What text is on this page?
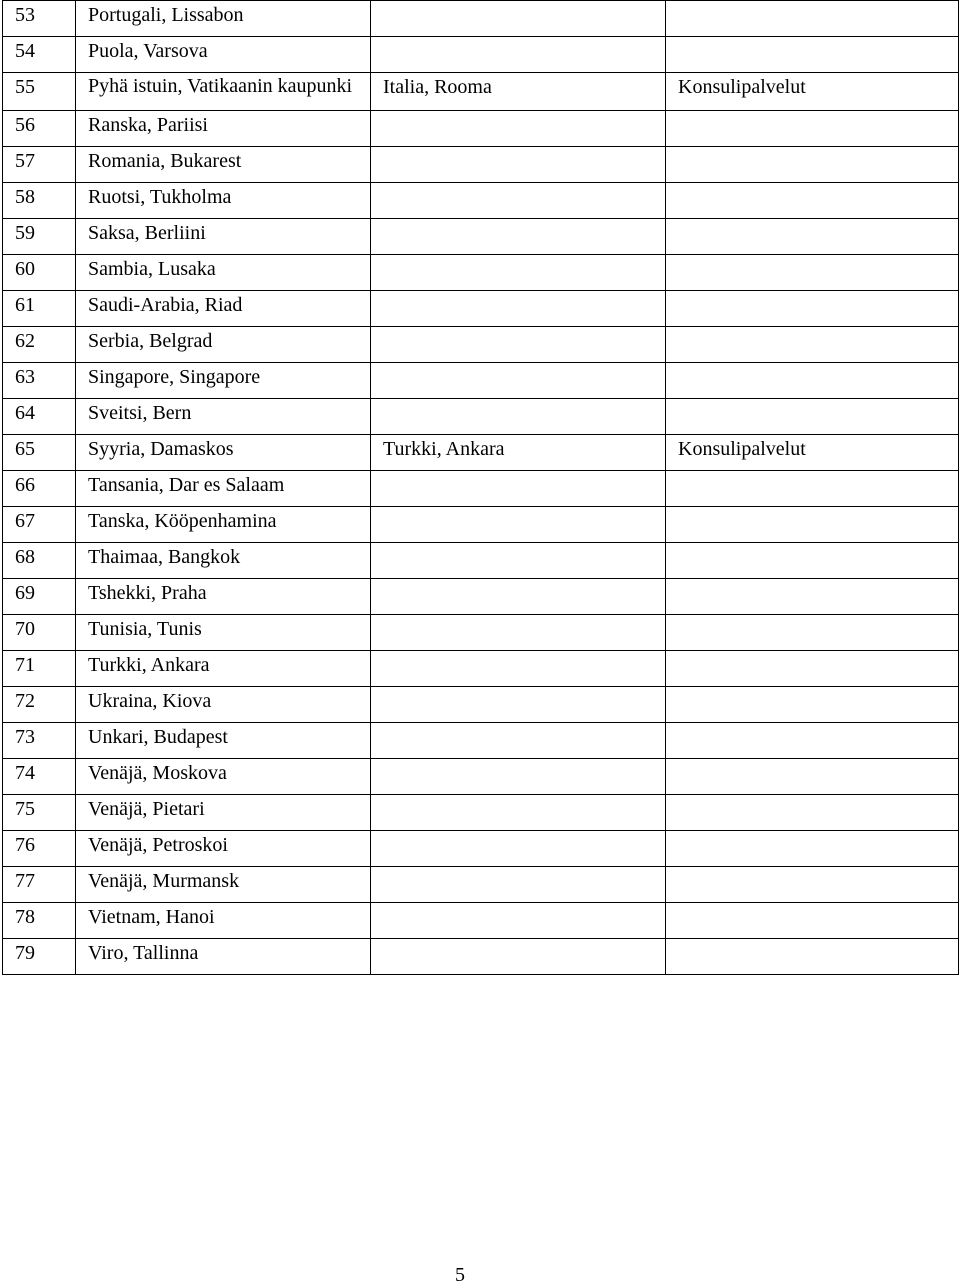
53	Portugali, Lissabon		
54	Puola, Varsova		
55	Pyhä istuin, Vatikaanin kaupunki	Italia, Rooma	Konsulipalvelut
56	Ranska, Pariisi		
57	Romania, Bukarest		
58	Ruotsi, Tukholma		
59	Saksa, Berliini		
60	Sambia, Lusaka		
61	Saudi-Arabia, Riad		
62	Serbia, Belgrad		
63	Singapore, Singapore		
64	Sveitsi, Bern		
65	Syyria, Damaskos	Turkki, Ankara	Konsulipalvelut
66	Tansania, Dar es Salaam		
67	Tanska, Kööpenhamina		
68	Thaimaa, Bangkok		
69	Tshekki, Praha		
70	Tunisia, Tunis		
71	Turkki, Ankara		
72	Ukraina, Kiova		
73	Unkari, Budapest		
74	Venäjä, Moskova		
75	Venäjä, Pietari		
76	Venäjä, Petroskoi		
77	Venäjä, Murmansk		
78	Vietnam, Hanoi		
79	Viro, Tallinna		
5
